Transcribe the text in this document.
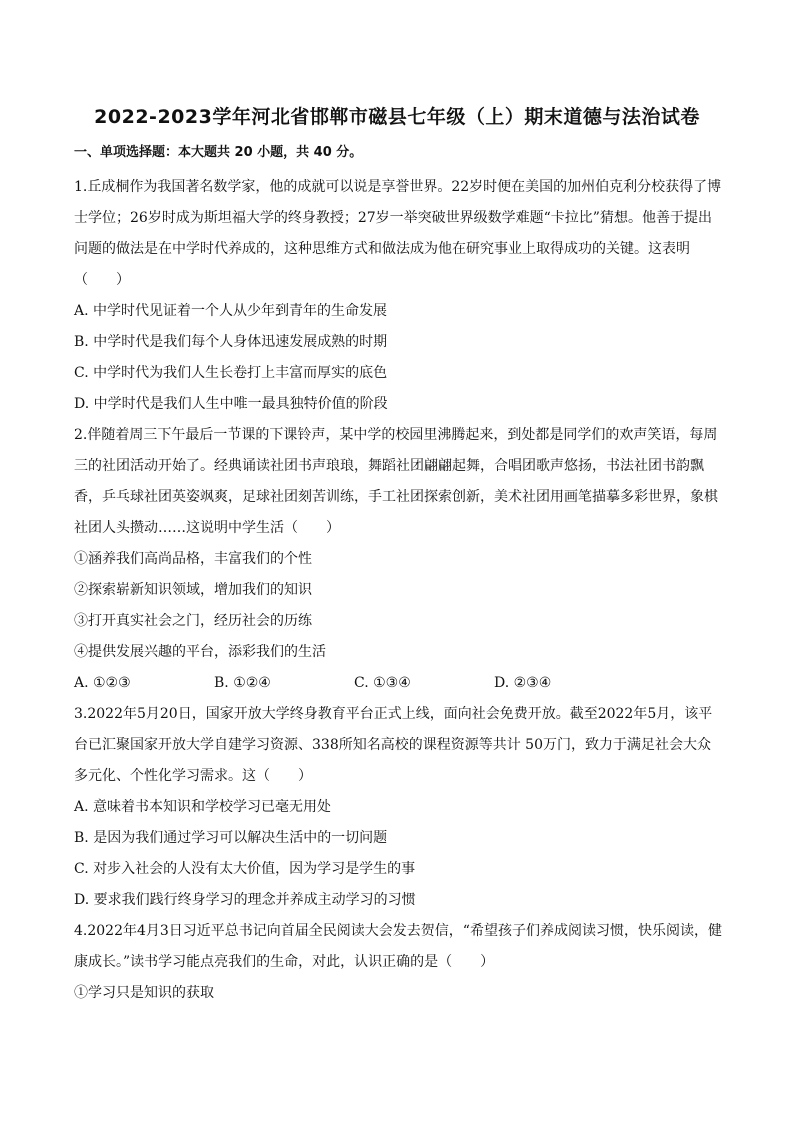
2022-2023学年河北省邯郸市磁县七年级（上）期末道德与法治试卷
一、单项选择题：本大题共 20 小题，共 40 分。

1.丘成桐作为我国著名数学家，他的成就可以说是享誉世界。22岁时便在美国的加州伯克利分校获得了博士学位；26岁时成为斯坦福大学的终身教授；27岁一举突破世界级数学难题“卡拉比”猜想。他善于提出问题的做法是在中学时代养成的，这种思维方式和做法成为他在研究事业上取得成功的关键。这表明（　　）

A. 中学时代见证着一个人从少年到青年的生命发展

B. 中学时代是我们每个人身体迅速发展成熟的时期

C. 中学时代为我们人生长卷打上丰富而厚实的底色

D. 中学时代是我们人生中唯一最具独特价值的阶段

2.伴随着周三下午最后一节课的下课铃声，某中学的校园里沸腾起来，到处都是同学们的欢声笑语，每周三的社团活动开始了。经典诵读社团书声琅琅，舞蹈社团翩翩起舞，合唱团歌声悠扬，书法社团书韵飘香，乒乓球社团英姿飒爽，足球社团刻苦训练，手工社团探索创新，美术社团用画笔描摹多彩世界，象棋社团人头攒动……这说明中学生活（　　）

①涵养我们高尚品格，丰富我们的个性

②探索崭新知识领域，增加我们的知识

③打开真实社会之门，经历社会的历练

④提供发展兴趣的平台，添彩我们的生活

A. ①②③	B. ①②④	C. ①③④	D. ②③④

3.2022年5月20日，国家开放大学终身教育平台正式上线，面向社会免费开放。截至2022年5月，该平台已汇聚国家开放大学自建学习资源、338所知名高校的课程资源等共计 50万门，致力于满足社会大众多元化、个性化学习需求。这（　　）

A. 意味着书本知识和学校学习已毫无用处

B. 是因为我们通过学习可以解决生活中的一切问题

C. 对步入社会的人没有太大价值，因为学习是学生的事

D. 要求我们践行终身学习的理念并养成主动学习的习惯

4.2022年4月3日习近平总书记向首届全民阅读大会发去贺信，“希望孩子们养成阅读习惯，快乐阅读，健康成长。”读书学习能点亮我们的生命，对此，认识正确的是（　　）

①学习只是知识的获取
